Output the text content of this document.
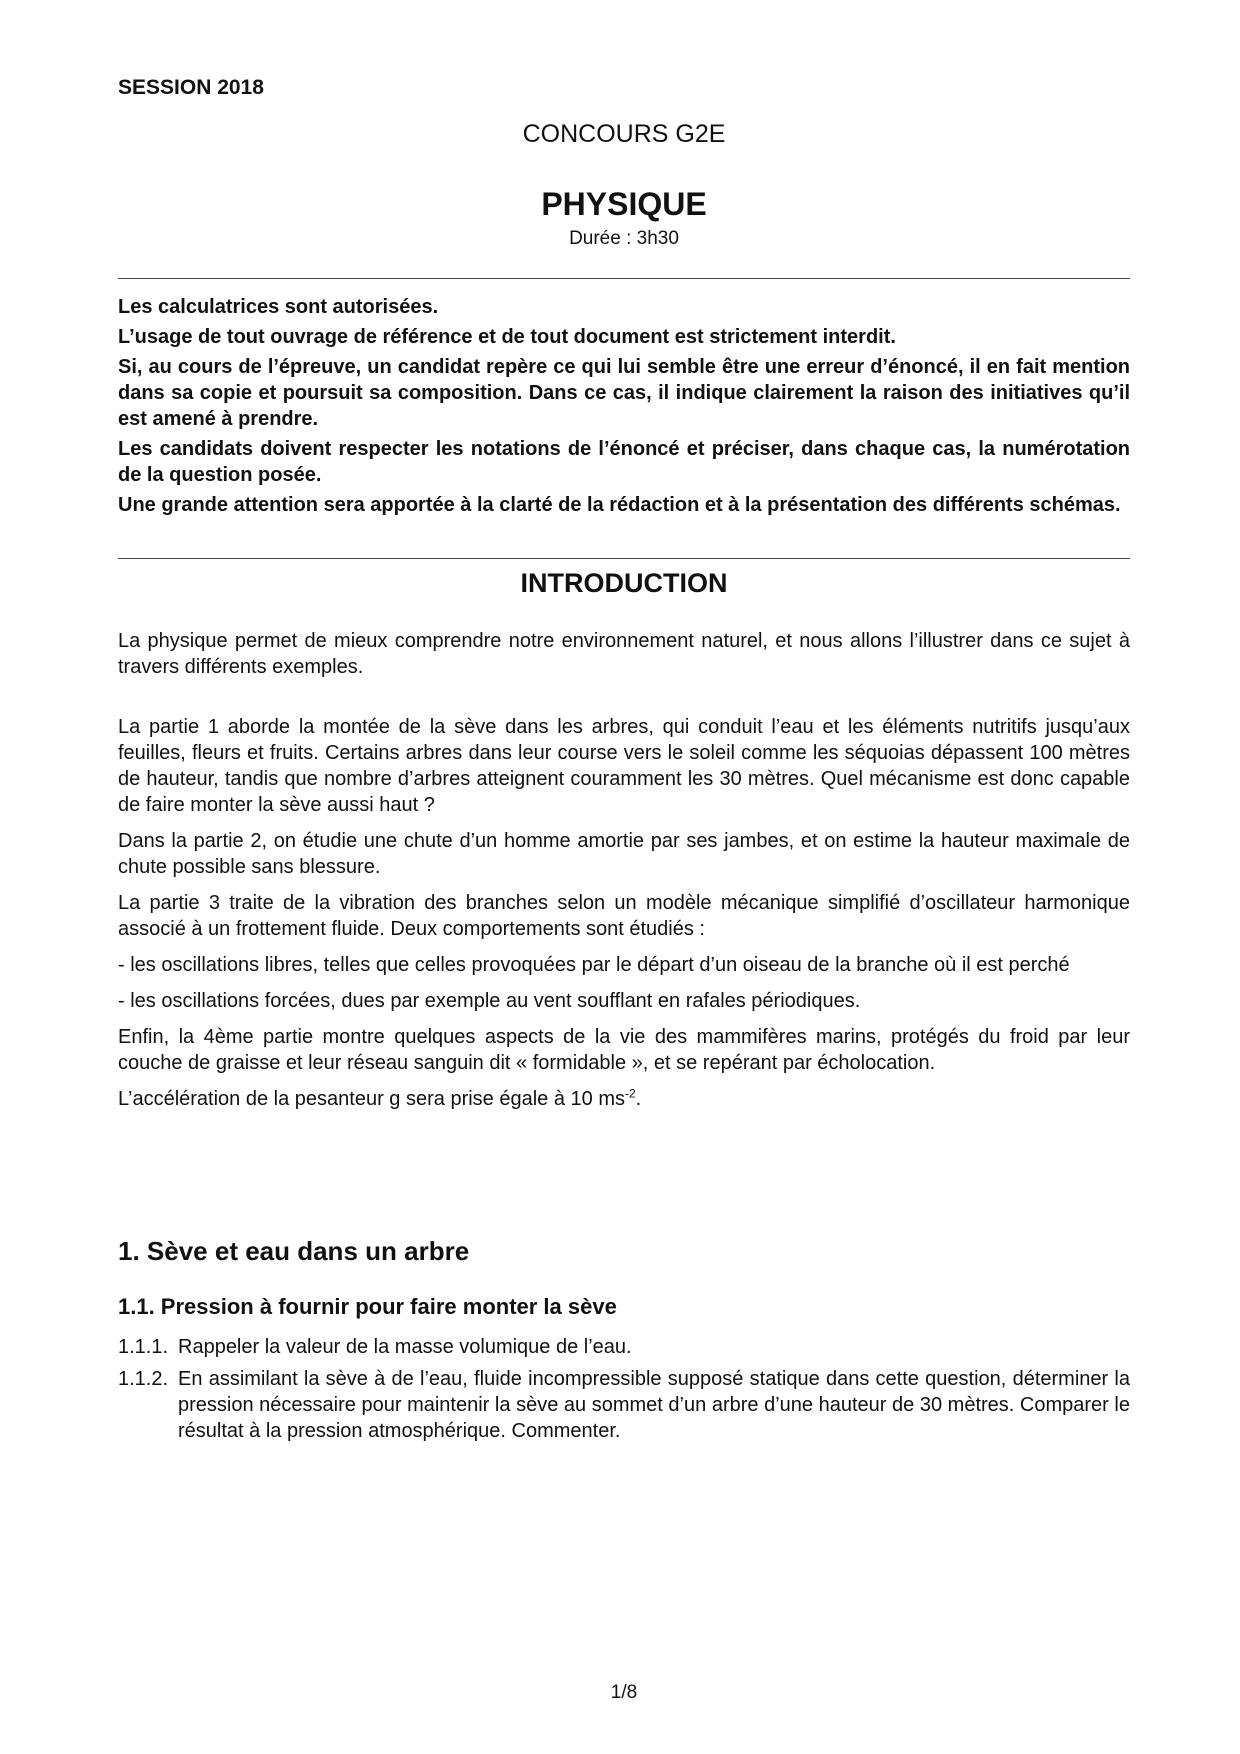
SESSION 2018
CONCOURS G2E
PHYSIQUE
Durée : 3h30

Les calculatrices sont autorisées.

L’usage de tout ouvrage de référence et de tout document est strictement interdit.

Si, au cours de l’épreuve, un candidat repère ce qui lui semble être une erreur d’énoncé, il en fait mention dans sa copie et poursuit sa composition. Dans ce cas, il indique clairement la raison des initiatives qu’il est amené à prendre.

Les candidats doivent respecter les notations de l’énoncé et préciser, dans chaque cas, la numérotation de la question posée.

Une grande attention sera apportée à la clarté de la rédaction et à la présentation des différents schémas.

INTRODUCTION

La physique permet de mieux comprendre notre environnement naturel, et nous allons l’illustrer dans ce sujet à travers différents exemples.

La partie 1 aborde la montée de la sève dans les arbres, qui conduit l’eau et les éléments nutritifs jusqu’aux feuilles, fleurs et fruits. Certains arbres dans leur course vers le soleil comme les séquoias dépassent 100 mètres de hauteur, tandis que nombre d’arbres atteignent couramment les 30 mètres. Quel mécanisme est donc capable de faire monter la sève aussi haut ?

Dans la partie 2, on étudie une chute d’un homme amortie par ses jambes, et on estime la hauteur maximale de chute possible sans blessure.

La partie 3 traite de la vibration des branches selon un modèle mécanique simplifié d’oscillateur harmonique associé à un frottement fluide. Deux comportements sont étudiés :

- les oscillations libres, telles que celles provoquées par le départ d’un oiseau de la branche où il est perché

- les oscillations forcées, dues par exemple au vent soufflant en rafales périodiques.

Enfin, la 4ème partie montre quelques aspects de la vie des mammifères marins, protégés du froid par leur couche de graisse et leur réseau sanguin dit « formidable », et se repérant par écholocation.

L’accélération de la pesanteur g sera prise égale à 10 $ms^{-2}$.

1. Sève et eau dans un arbre
1.1. Pression à fournir pour faire monter la sève
1.1.1. Rappeler la valeur de la masse volumique de l’eau.
1.1.2. En assimilant la sève à de l’eau, fluide incompressible supposé statique dans cette question, déterminer la pression nécessaire pour maintenir la sève au sommet d’un arbre d’une hauteur de 30 mètres. Comparer le résultat à la pression atmosphérique. Commenter.
1/8
